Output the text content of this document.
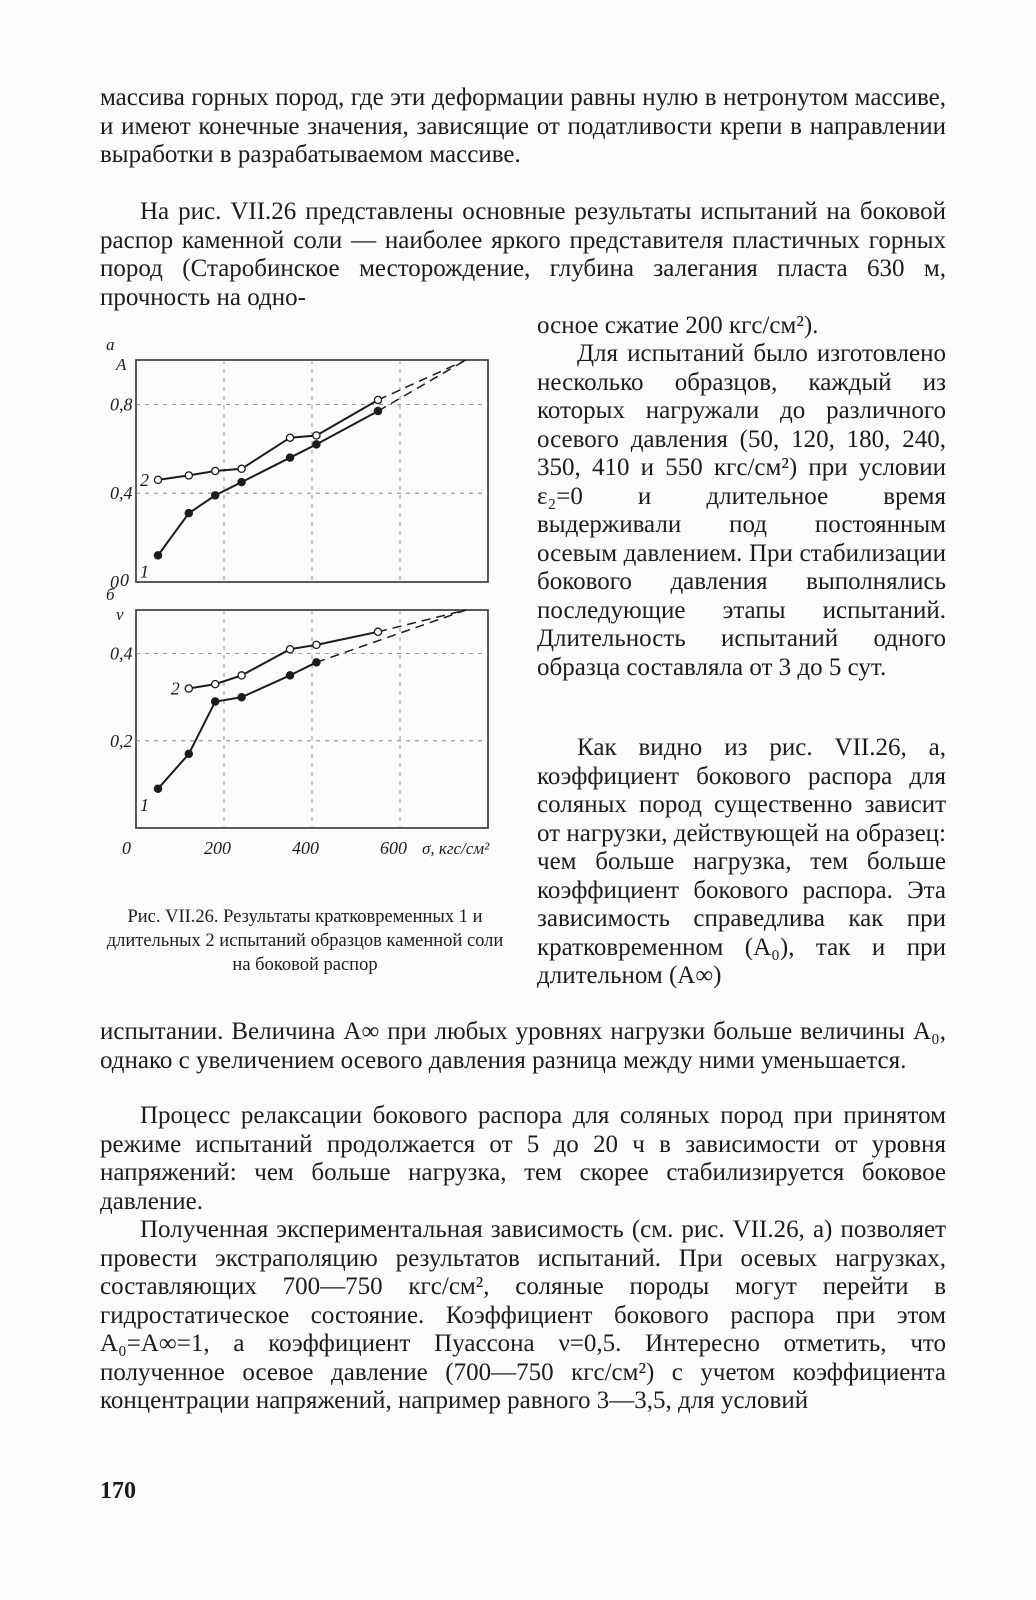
массива горных пород, где эти деформации равны нулю в нетронутом массиве, и имеют конечные значения, зависящие от податливости крепи в направлении выработки в разрабатываемом массиве.

На рис. VII.26 представлены основные результаты испытаний на боковой распор каменной соли — наиболее яркого представителя пластичных горных пород (Старобинское месторождение, глубина залегания пласта 630 м, прочность на одно-

осное сжатие 200 кгс/см²).

Для испытаний было изготовлено несколько образцов, каждый из которых нагружали до различного осевого давления (50, 120, 180, 240, 350, 410 и 550 кгс/см²) при условии ε₂=0 и длительное время выдерживали под постоянным осевым давлением. При стабилизации бокового давления выполнялись последующие этапы испытаний. Длительность испытаний одного образца составляла от 3 до 5 сут.

Как видно из рис. VII.26, a, коэффициент бокового распора для соляных пород существенно зависит от нагрузки, действующей на образец: чем больше нагрузка, тем больше коэффициент бокового распора. Эта зависимость справедлива как при кратковременном (A₀), так и при длительном (A∞)

испытании. Величина A∞ при любых уровнях нагрузки больше величины A₀, однако с увеличением осевого давления разница между ними уменьшается.

Процесс релаксации бокового распора для соляных пород при принятом режиме испытаний продолжается от 5 до 20 ч в зависимости от уровня напряжений: чем больше нагрузка, тем скорее стабилизируется боковое давление.

Полученная экспериментальная зависимость (см. рис. VII.26, a) позволяет провести экстраполяцию результатов испытаний. При осевых нагрузках, составляющих 700—750 кгс/см², соляные породы могут перейти в гидростатическое состояние. Коэффициент бокового распора при этом A₀=A∞=1, а коэффициент Пуассона ν=0,5. Интересно отметить, что полученное осевое давление (700—750 кгс/см²) с учетом коэффициента концентрации напряжений, например равного 3—3,5, для условий

0
0,4
0,8
a
A
1
2
0,2
0,4
б
ν
1
2
0	200	400	600 σ, кгс/см²
0
Рис. VII.26. Результаты кратковременных 1 и длительных 2 испытаний образцов каменной соли на боковой распор
170
